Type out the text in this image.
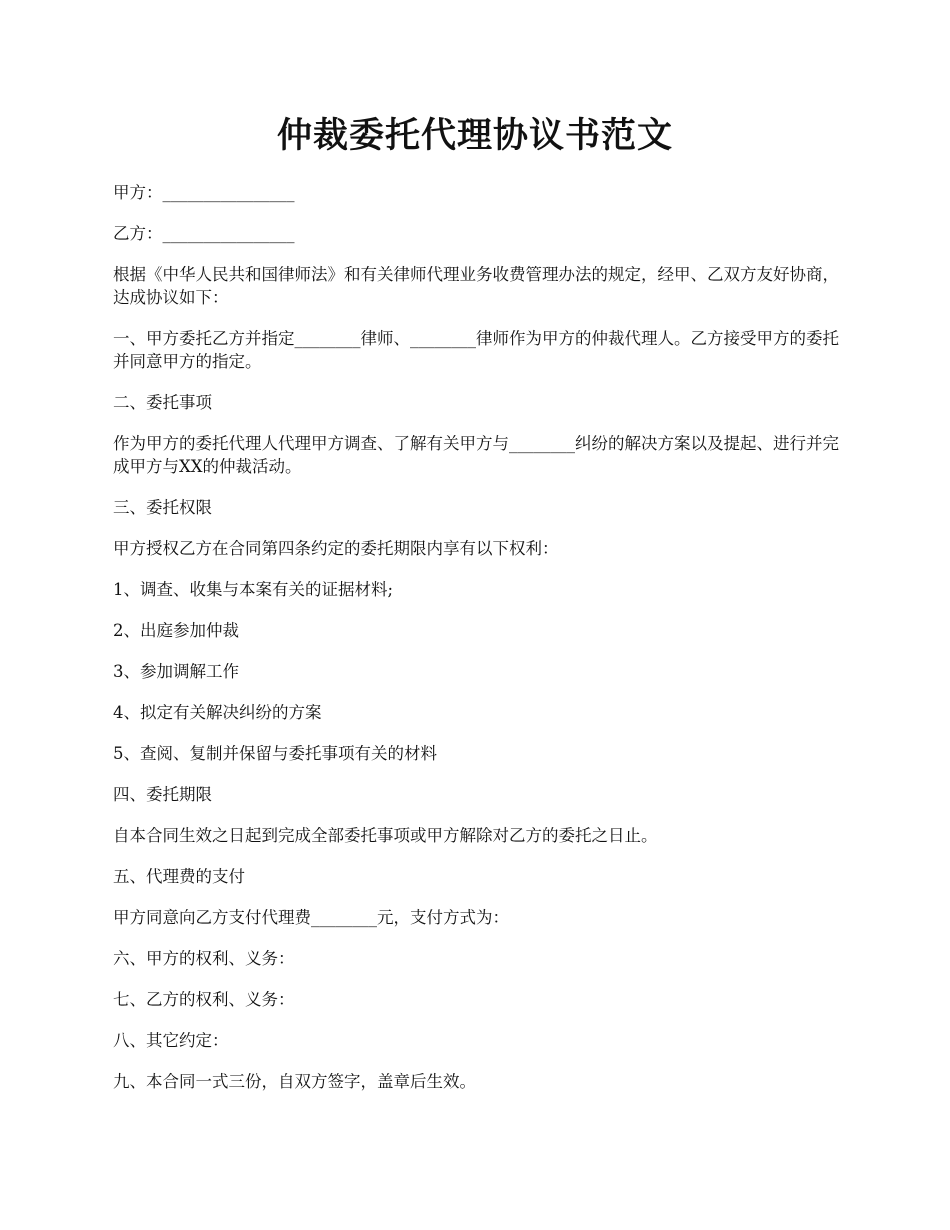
仲裁委托代理协议书范文

甲方：________________

乙方：________________

根据《中华人民共和国律师法》和有关律师代理业务收费管理办法的规定，经甲、乙双方友好协商，达成协议如下：

一、甲方委托乙方并指定________律师、________律师作为甲方的仲裁代理人。乙方接受甲方的委托并同意甲方的指定。

二、委托事项

作为甲方的委托代理人代理甲方调查、了解有关甲方与________纠纷的解决方案以及提起、进行并完成甲方与XX的仲裁活动。

三、委托权限

甲方授权乙方在合同第四条约定的委托期限内享有以下权利：

1、调查、收集与本案有关的证据材料;

2、出庭参加仲裁

3、参加调解工作

4、拟定有关解决纠纷的方案

5、查阅、复制并保留与委托事项有关的材料

四、委托期限

自本合同生效之日起到完成全部委托事项或甲方解除对乙方的委托之日止。

五、代理费的支付

甲方同意向乙方支付代理费________元，支付方式为：

六、甲方的权利、义务：

七、乙方的权利、义务：

八、其它约定：

九、本合同一式三份，自双方签字，盖章后生效。
